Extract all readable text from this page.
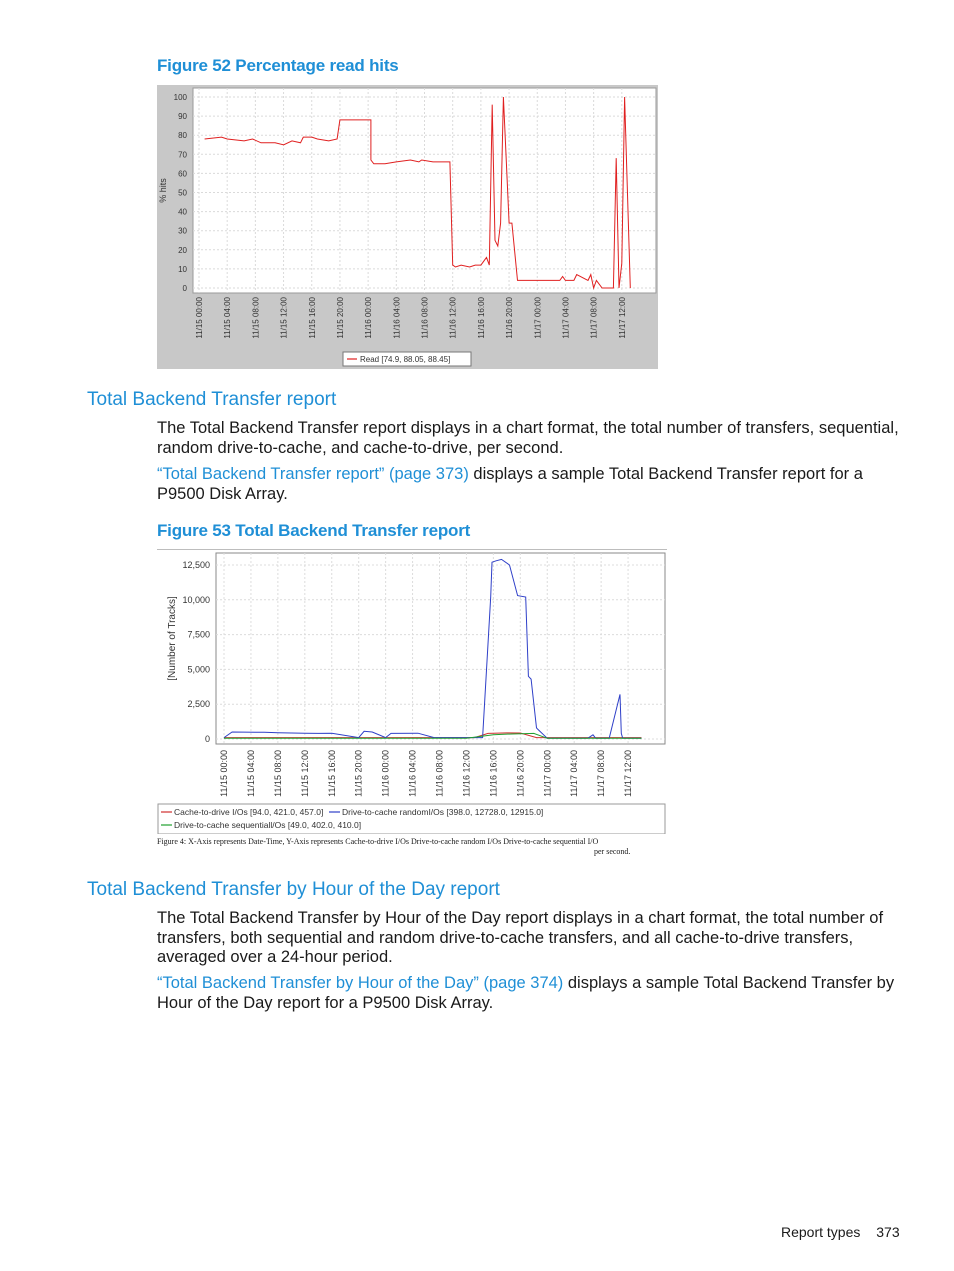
Figure 52 Percentage read hits
100
90
80
70
60
50
40
30
20
10
0
11/15 00:00 11/15 04:00 11/15 08:00 11/15 12:00 11/15 16:00 11/15 20:00 11/16 00:00 11/16 04:00 11/16 08:00 11/16 12:00 11/16 16:00 11/16 20:00 11/17 00:00 11/17 04:00 11/17 08:00 11/17 12:00
% hits
Read [74.9, 88.05, 88.45]
Total Backend Transfer report
The Total Backend Transfer report displays in a chart format, the total number of transfers, sequential, random drive-to-cache, and cache-to-drive, per second.
“Total Backend Transfer report” (page 373) displays a sample Total Backend Transfer report for a P9500 Disk Array.
Figure 53 Total Backend Transfer report
12,500
10,000
7,500
5,000
2,500
0
11/15 00:00 11/15 04:00 11/15 08:00 11/15 12:00 11/15 16:00 11/15 20:00 11/16 00:00 11/16 04:00 11/16 08:00 11/16 12:00 11/16 16:00 11/16 20:00 11/17 00:00 11/17 04:00 11/17 08:00 11/17 12:00
[Number of Tracks]
Cache-to-drive I/Os [94.0, 421.0, 457.0] Drive-to-cache randomI/Os [398.0, 12728.0, 12915.0]
Drive-to-cache sequentiall/Os [49.0, 402.0, 410.0]
Figure 4: X-Axis represents Date-Time, Y-Axis represents Cache-to-drive I/Os Drive-to-cache random I/Os Drive-to-cache sequential I/O
per second.
Total Backend Transfer by Hour of the Day report
The Total Backend Transfer by Hour of the Day report displays in a chart format, the total number of transfers, both sequential and random drive-to-cache transfers, and all cache-to-drive transfers, averaged over a 24-hour period.
“Total Backend Transfer by Hour of the Day” (page 374) displays a sample Total Backend Transfer by Hour of the Day report for a P9500 Disk Array.
Report types 373
